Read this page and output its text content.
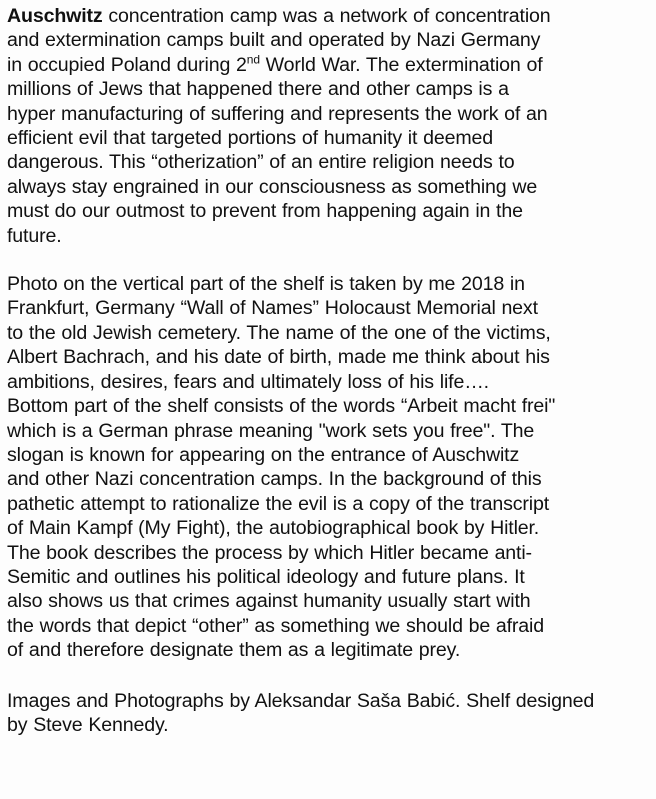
Auschwitz concentration camp was a network of concentration
and extermination camps built and operated by Nazi Germany
in occupied Poland during 2nd World War. The extermination of
millions of Jews that happened there and other camps is a
hyper manufacturing of suffering and represents the work of an
efficient evil that targeted portions of humanity it deemed
dangerous. This “otherization” of an entire religion needs to
always stay engrained in our consciousness as something we
must do our outmost to prevent from happening again in the
future.
Photo on the vertical part of the shelf is taken by me 2018 in
Frankfurt, Germany “Wall of Names” Holocaust Memorial next
to the old Jewish cemetery. The name of the one of the victims,
Albert Bachrach, and his date of birth, made me think about his
ambitions, desires, fears and ultimately loss of his life….
Bottom part of the shelf consists of the words “Arbeit macht frei"
which is a German phrase meaning "work sets you free". The
slogan is known for appearing on the entrance of Auschwitz
and other Nazi concentration camps. In the background of this
pathetic attempt to rationalize the evil is a copy of the transcript
of Main Kampf (My Fight), the autobiographical book by Hitler.
The book describes the process by which Hitler became anti-
Semitic and outlines his political ideology and future plans. It
also shows us that crimes against humanity usually start with
the words that depict “other” as something we should be afraid
of and therefore designate them as a legitimate prey.
Images and Photographs by Aleksandar Saša Babić. Shelf designed
by Steve Kennedy.
